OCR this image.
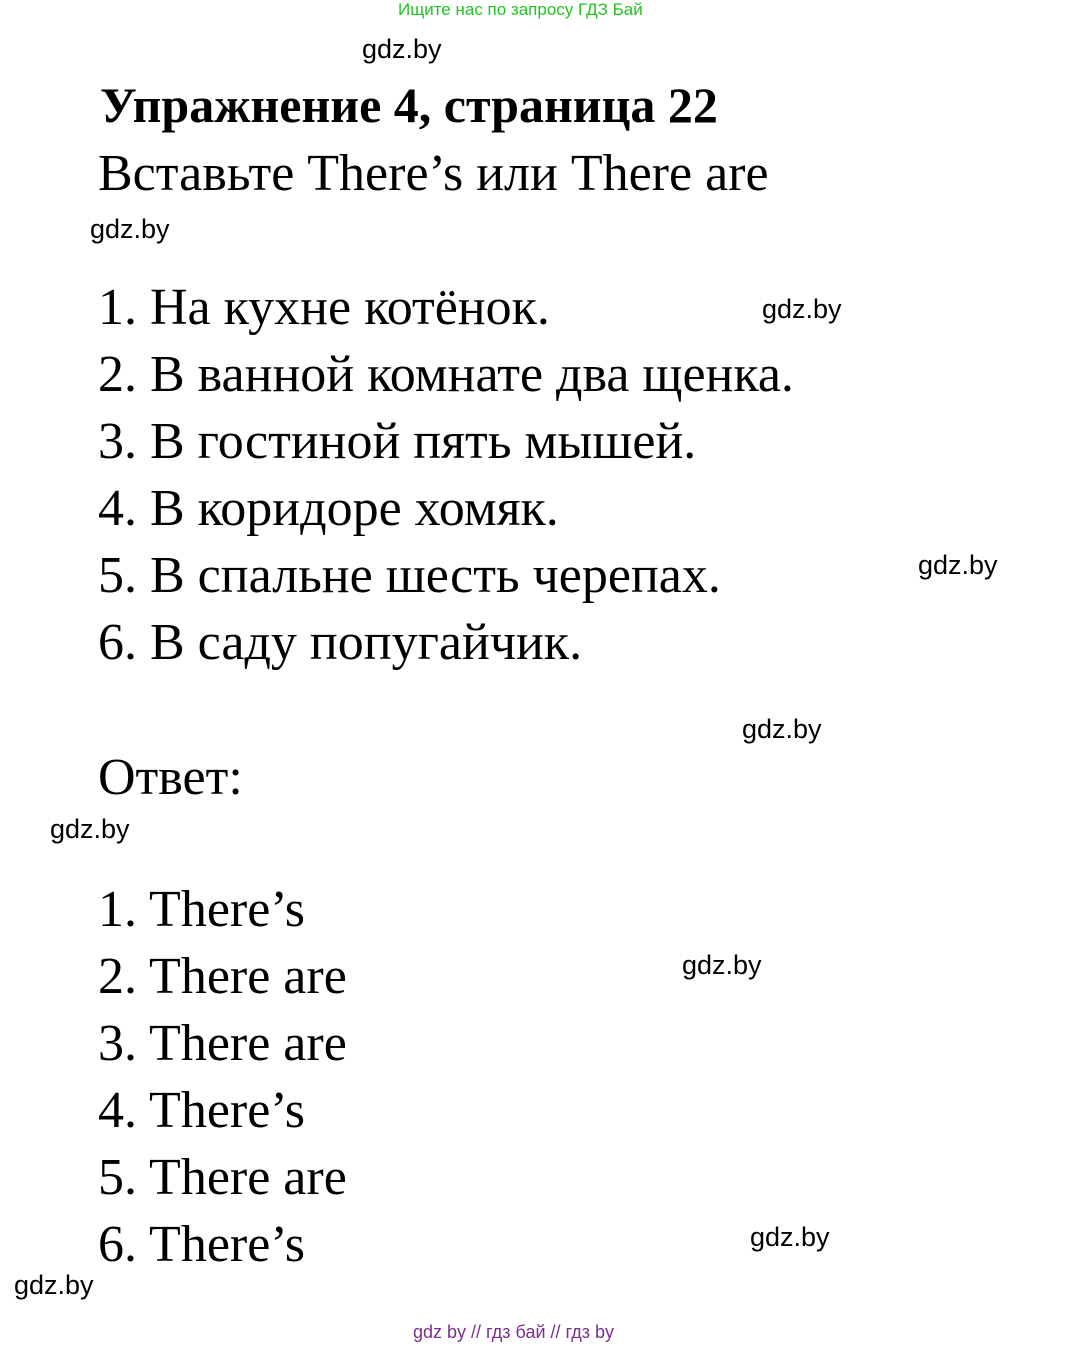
Ищите нас по запросу ГДЗ Бай
gdz.by
Упражнение 4, страница 22
Вставьте There’s или There are
gdz.by
1. На кухне котёнок.	gdz.by
2. В ванной комнате два щенка.
3. В гостиной пять мышей.
4. В коридоре хомяк.
5. В спальне шесть черепах.	gdz.by
6. В саду попугайчик.
gdz.by
Ответ:
gdz.by
1. There’s
2. There are	gdz.by
3. There are
4. There’s
5. There are
6. There’s	gdz.by
gdz.by
gdz by // гдз бай // гдз by
